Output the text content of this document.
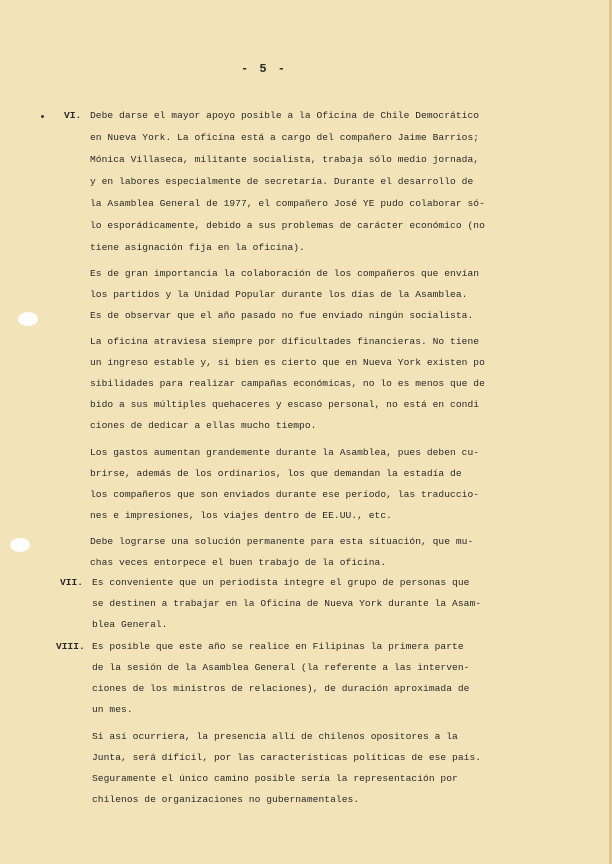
- 5 -
VI. Debe darse el mayor apoyo posible a la Oficina de Chile Democrático
en Nueva York. La oficina está a cargo del compañero Jaime Barrios;
Mónica Villaseca, militante socialista, trabaja sólo medio jornada,
y en labores especialmente de secretaría. Durante el desarrollo de
la Asamblea General de 1977, el compañero José YE pudo colaborar só-
lo esporádicamente, debido a sus problemas de carácter económico (no
tiene asignación fija en la oficina).
Es de gran importancia la colaboración de los compañeros que envían
los partidos y la Unidad Popular durante los días de la Asamblea.
Es de observar que el año pasado no fue enviado ningún socialista.
La oficina atraviesa siempre por dificultades financieras. No tiene
un ingreso estable y, si bien es cierto que en Nueva York existen po
sibilidades para realizar campañas económicas, no lo es menos que de
bido a sus múltiples quehaceres y escaso personal, no está en condi
ciones de dedicar a ellas mucho tiempo.
Los gastos aumentan grandemente durante la Asamblea, pues deben cu-
brirse, además de los ordinarios, los que demandan la estadía de
los compañeros que son enviados durante ese período, las traduccio-
nes e impresiones, los viajes dentro de EE.UU., etc.
Debe lograrse una solución permanente para esta situación, que mu-
chas veces entorpece el buen trabajo de la oficina.
VII. Es conveniente que un periodista integre el grupo de personas que
se destinen a trabajar en la Oficina de Nueva York durante la Asam-
blea General.
VIII. Es posible que este año se realice en Filipinas la primera parte
de la sesión de la Asamblea General (la referente a las interven-
ciones de los ministros de relaciones), de duración aproximada de
un mes.
Si así ocurriera, la presencia allí de chilenos opositores a la
Junta, será difícil, por las características políticas de ese país.
Seguramente el único camino posible sería la representación por
chilenos de organizaciones no gubernamentales.
